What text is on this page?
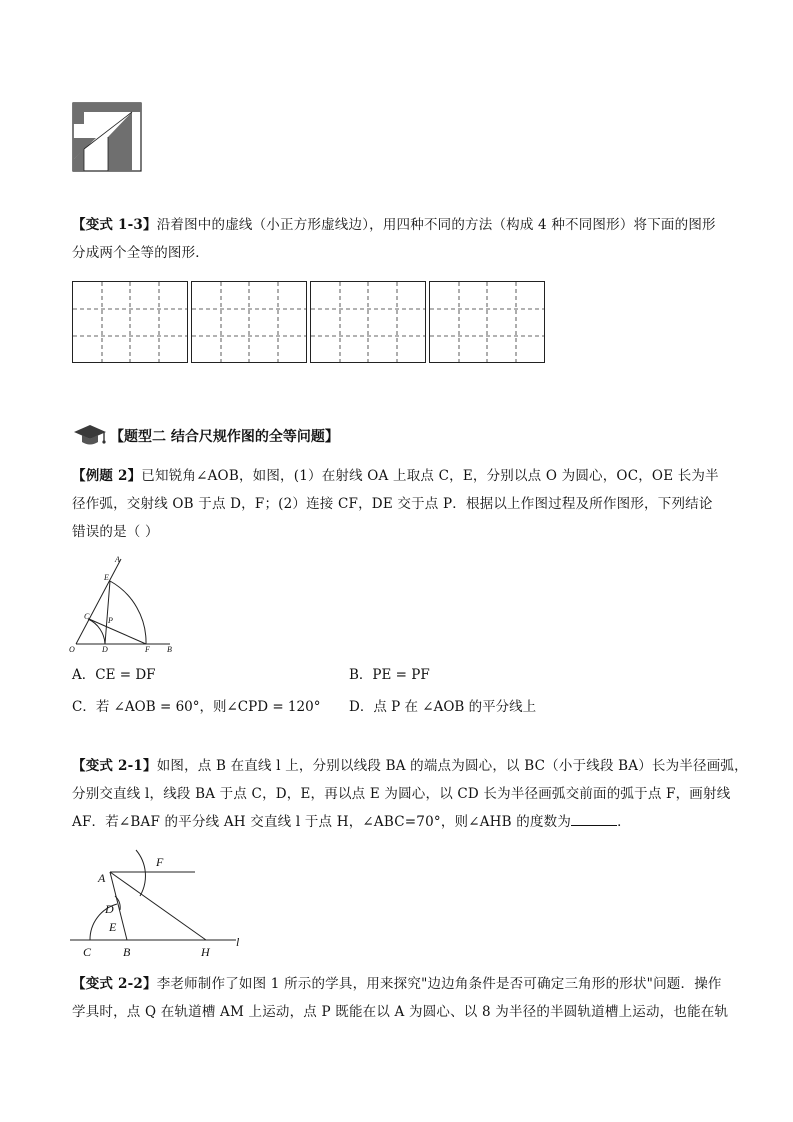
【变式 1-3】沿着图中的虚线（小正方形虚线边），用四种不同的方法（构成 4 种不同图形）将下面的图形
分成两个全等的图形．
【题型二 结合尺规作图的全等问题】
【例题 2】已知锐角∠AOB，如图，(1）在射线 OA 上取点 C，E，分别以点 O 为圆心，OC，OE 长为半
径作弧，交射线 OB 于点 D，F；(2）连接 CF，DE 交于点 P．根据以上作图过程及所作图形，下列结论
错误的是（ ）
A
E
C P
O	D	F B
A．CE = DF	B．PE = PF
C．若 ∠AOB = 60°，则∠CPD = 120° D．点 P 在 ∠AOB 的平分线上
【变式 2-1】如图，点 B 在直线 l 上，分别以线段 BA 的端点为圆心，以 BC（小于线段 BA）长为半径画弧，
分别交直线 l，线段 BA 于点 C，D，E，再以点 E 为圆心，以 CD 长为半径画弧交前面的弧于点 F，画射线
AF．若∠BAF 的平分线 AH 交直线 l 于点 H，∠ABC=70°，则∠AHB 的度数为	．
F
A
D
E
C	B	H
l
【变式 2-2】李老师制作了如图 1 所示的学具，用来探究"边边角条件是否可确定三角形的形状"问题．操作
学具时，点 Q 在轨道槽 AM 上运动，点 P 既能在以 A 为圆心、以 8 为半径的半圆轨道槽上运动，也能在轨
